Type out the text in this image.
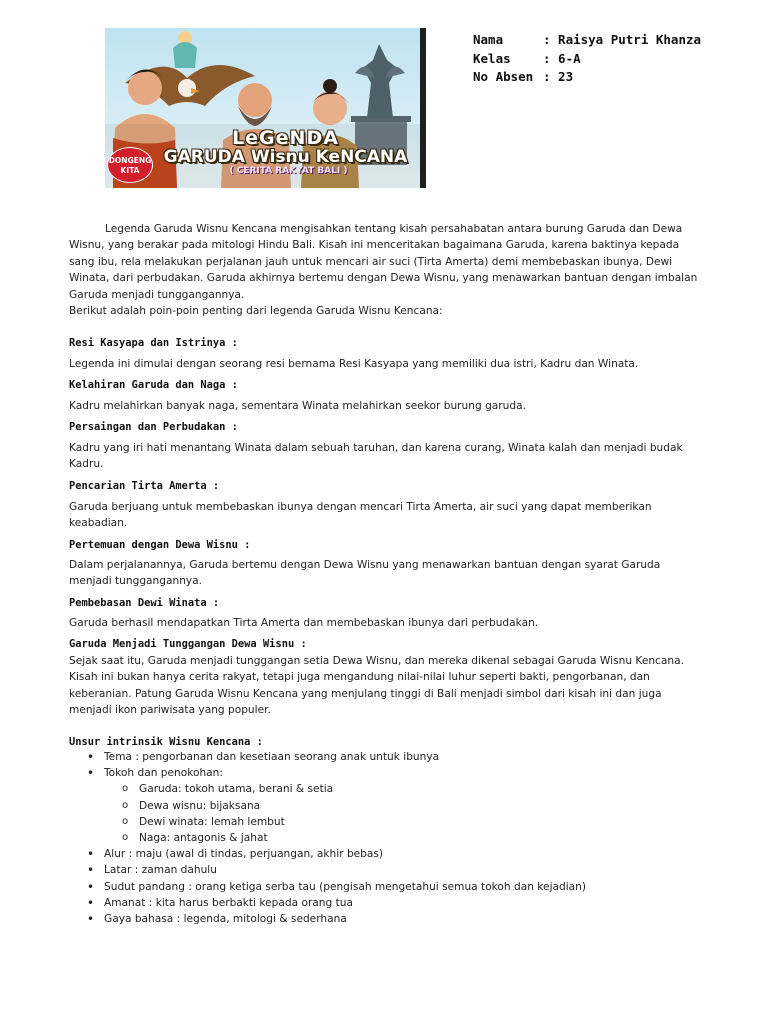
LeGeNDA
GARUDA Wisnu KeNCANA
( CERITA RAKYAT BALI )
DONGENG
KITA
Nama	: Raisya Putri Khanza
Kelas	: 6-A
No Absen : 23
Legenda Garuda Wisnu Kencana mengisahkan tentang kisah persahabatan antara burung Garuda dan Dewa Wisnu, yang berakar pada mitologi Hindu Bali. Kisah ini menceritakan bagaimana Garuda, karena baktinya kepada sang ibu, rela melakukan perjalanan jauh untuk mencari air suci (Tirta Amerta) demi membebaskan ibunya, Dewi Winata, dari perbudakan. Garuda akhirnya bertemu dengan Dewa Wisnu, yang menawarkan bantuan dengan imbalan Garuda menjadi tunggangannya.
Berikut adalah poin-poin penting dari legenda Garuda Wisnu Kencana:
Resi Kasyapa dan Istrinya :
Legenda ini dimulai dengan seorang resi bernama Resi Kasyapa yang memiliki dua istri, Kadru dan Winata.
Kelahiran Garuda dan Naga :
Kadru melahirkan banyak naga, sementara Winata melahirkan seekor burung garuda.
Persaingan dan Perbudakan :
Kadru yang iri hati menantang Winata dalam sebuah taruhan, dan karena curang, Winata kalah dan menjadi budak Kadru.
Pencarian Tirta Amerta :
Garuda berjuang untuk membebaskan ibunya dengan mencari Tirta Amerta, air suci yang dapat memberikan keabadian.
Pertemuan dengan Dewa Wisnu :
Dalam perjalanannya, Garuda bertemu dengan Dewa Wisnu yang menawarkan bantuan dengan syarat Garuda menjadi tunggangannya.
Pembebasan Dewi Winata :
Garuda berhasil mendapatkan Tirta Amerta dan membebaskan ibunya dari perbudakan.
Garuda Menjadi Tunggangan Dewa Wisnu :
Sejak saat itu, Garuda menjadi tunggangan setia Dewa Wisnu, dan mereka dikenal sebagai Garuda Wisnu Kencana. Kisah ini bukan hanya cerita rakyat, tetapi juga mengandung nilai-nilai luhur seperti bakti, pengorbanan, dan keberanian. Patung Garuda Wisnu Kencana yang menjulang tinggi di Bali menjadi simbol dari kisah ini dan juga menjadi ikon pariwisata yang populer.
Unsur intrinsik Wisnu Kencana :
• Tema : pengorbanan dan kesetiaan seorang anak untuk ibunya
• Tokoh dan penokohan:
o Garuda: tokoh utama, berani & setia
o Dewa wisnu: bijaksana
o Dewi winata: lemah lembut
o Naga: antagonis & jahat
• Alur : maju (awal di tindas, perjuangan, akhir bebas)
• Latar : zaman dahulu
• Sudut pandang : orang ketiga serba tau (pengisah mengetahui semua tokoh dan kejadian)
• Amanat : kita harus berbakti kepada orang tua
• Gaya bahasa : legenda, mitologi & sederhana
